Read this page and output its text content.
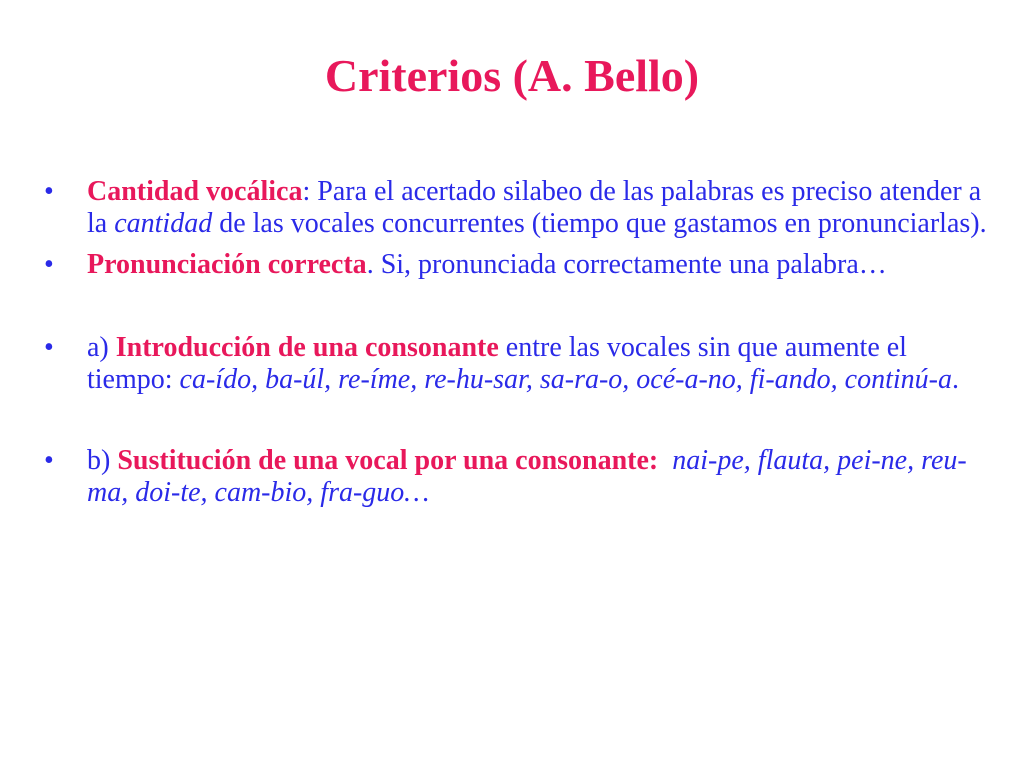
Criterios (A. Bello)
• Cantidad vocálica: Para el acertado silabeo de las palabras es preciso atender a la cantidad de las vocales concurrentes (tiempo que gastamos en pronunciarlas).
• Pronunciación correcta. Si, pronunciada correctamente una palabra…
• a) Introducción de una consonante entre las vocales sin que aumente el tiempo: ca-ído, ba-úl, re-íme, re-hu-sar, sa-ra-o, océ-a-no, fi-ando, continú-a.
• b) Sustitución de una vocal por una consonante: nai-pe, flauta, pei-ne, reu-ma, doi-te, cam-bio, fra-guo…
